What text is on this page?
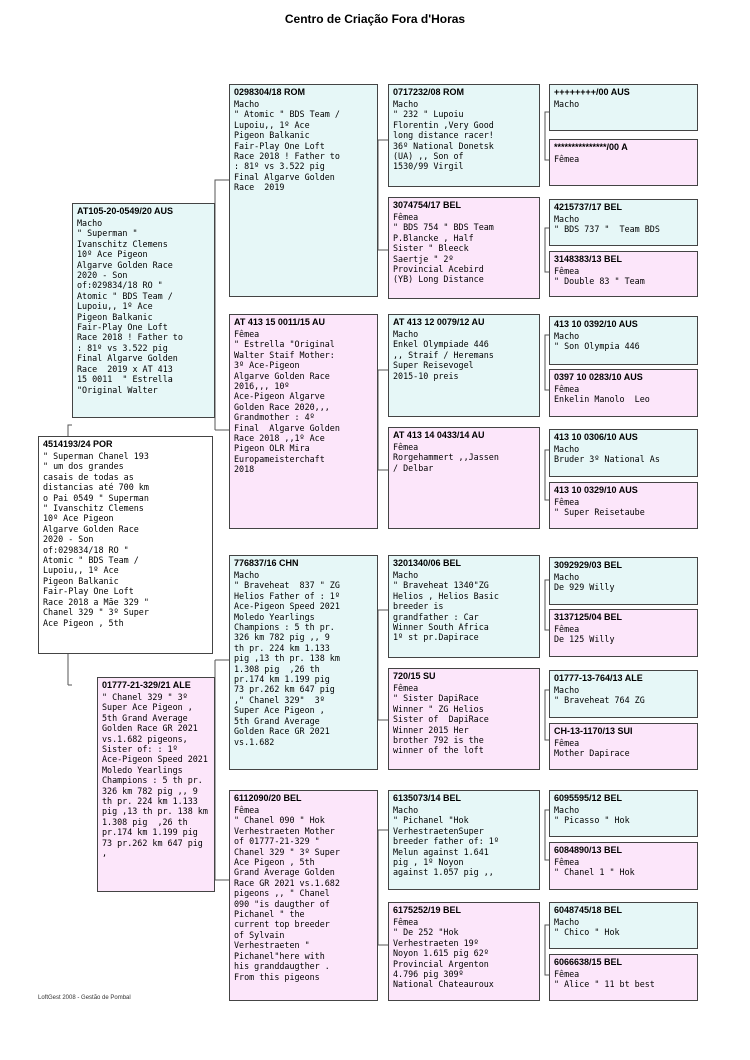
Centro de Criação Fora d'Horas
4514193/24 POR
" Superman Chanel 193
" um dos grandes
casais de todas as
distancias até 700 km
o Pai 0549 " Superman
" Ivanschitz Clemens
10º Ace Pigeon
Algarve Golden Race
2020 - Son
of:029834/18 RO "
Atomic " BDS Team /
Lupoiu,, 1º Ace
Pigeon Balkanic
Fair-Play One Loft
Race 2018 a Mãe 329 "
Chanel 329 " 3º Super
Ace Pigeon , 5th
AT105-20-0549/20 AUS
Macho
" Superman "
Ivanschitz Clemens
10º Ace Pigeon
Algarve Golden Race
2020 - Son
of:029834/18 RO "
Atomic " BDS Team /
Lupoiu,, 1º Ace
Pigeon Balkanic
Fair-Play One Loft
Race 2018 ! Father to
: 81º vs 3.522 pig
Final Algarve Golden
Race  2019 x AT 413
15 0011  " Estrella
"Original Walter
01777-21-329/21 ALE
" Chanel 329 " 3º
Super Ace Pigeon ,
5th Grand Average
Golden Race GR 2021
vs.1.682 pigeons,
Sister of: : 1º
Ace-Pigeon Speed 2021
Moledo Yearlings
Champions : 5 th pr.
326 km 782 pig ,, 9
th pr. 224 km 1.133
pig ,13 th pr. 138 km
1.308 pig  ,26 th
pr.174 km 1.199 pig
73 pr.262 km 647 pig ,
0298304/18 ROM
Macho
" Atomic " BDS Team /
Lupoiu,, 1º Ace
Pigeon Balkanic
Fair-Play One Loft
Race 2018 ! Father to
: 81º vs 3.522 pig
Final Algarve Golden
Race  2019
AT 413 15 0011/15 AU
Fêmea
" Estrella "Original
Walter Staif Mother:
3º Ace-Pigeon
Algarve Golden Race
2016,,, 10º
Ace-Pigeon Algarve
Golden Race 2020,,,
Grandmother : 4º
Final  Algarve Golden
Race 2018 ,,1º Ace
Pigeon OLR Mira
Europameisterchaft
2018
776837/16 CHN
Macho
" Braveheat  837 " ZG
Helios Father of : 1º
Ace-Pigeon Speed 2021
Moledo Yearlings
Champions : 5 th pr.
326 km 782 pig ,, 9
th pr. 224 km 1.133
pig ,13 th pr. 138 km
1.308 pig  ,26 th
pr.174 km 1.199 pig
73 pr.262 km 647 pig
," Chanel 329"  3º
Super Ace Pigeon ,
5th Grand Average
Golden Race GR 2021
vs.1.682
6112090/20 BEL
Fêmea
" Chanel 090 " Hok
Verhestraeten Mother
of 01777-21-329 "
Chanel 329 " 3º Super
Ace Pigeon , 5th
Grand Average Golden
Race GR 2021 vs.1.682
pigeons ,, " Chanel
090 "is daugther of
Pichanel " the
current top breeder
of Sylvain
Verhestraeten "
Pichanel"here with
his granddaugther .
From this pigeons
0717232/08 ROM
Macho
" 232 " Lupoiu
Florentin ,Very Good
long distance racer!
36º National Donetsk
(UA) ,, Son of
1530/99 Virgil
3074754/17 BEL
Fêmea
" BDS 754 " BDS Team
P.Blancke , Half
Sister " Bleeck
Saertje " 2º
Provincial Acebird
(YB) Long Distance
AT 413 12 0079/12 AU
Macho
Enkel Olympiade 446
,, Straif / Heremans
Super Reisevogel
2015-10 preis
AT 413 14 0433/14 AU
Fêmea
Rorgehammert ,,Jassen
/ Delbar
3201340/06 BEL
Macho
" Braveheat 1340"ZG
Helios , Helios Basic
breeder is
grandfather : Car
Winner South Africa
1º st pr.Dapirace
720/15 SU
Fêmea
" Sister DapiRace
Winner " ZG Helios
Sister of  DapiRace
Winner 2015 Her
brother 792 is the
winner of the loft
6135073/14 BEL
Macho
" Pichanel "Hok
VerhestraetenSuper
breeder father of: 1º
Melun against 1.641
pig , 1º Noyon
against 1.057 pig ,,
6175252/19 BEL
Fêmea
" De 252 "Hok
Verhestraeten 19º
Noyon 1.615 pig 62º
Provincial Argenton
4.796 pig 309º
National Chateauroux
++++++++/00 AUS
Macho
***************/00 A
Fêmea
4215737/17 BEL
Macho
" BDS 737 "  Team BDS
3148383/13 BEL
Fêmea
" Double 83 " Team
413 10 0392/10 AUS
Macho
" Son Olympia 446
0397 10 0283/10 AUS
Fêmea
Enkelin Manolo  Leo
413 10 0306/10 AUS
Macho
Bruder 3º National As
413 10 0329/10 AUS
Fêmea
" Super Reisetaube
3092929/03 BEL
Macho
De 929 Willy
3137125/04 BEL
Fêmea
De 125 Willy
01777-13-764/13 ALE
Macho
" Braveheat 764 ZG
CH-13-1170/13 SUI
Fêmea
Mother Dapirace
6095595/12 BEL
Macho
" Picasso " Hok
6084890/13 BEL
Fêmea
" Chanel 1 " Hok
6048745/18 BEL
Macho
" Chico " Hok
6066638/15 BEL
Fêmea
" Alice " 11 bt best
LoftGest 2008 - Gestão de Pombal
